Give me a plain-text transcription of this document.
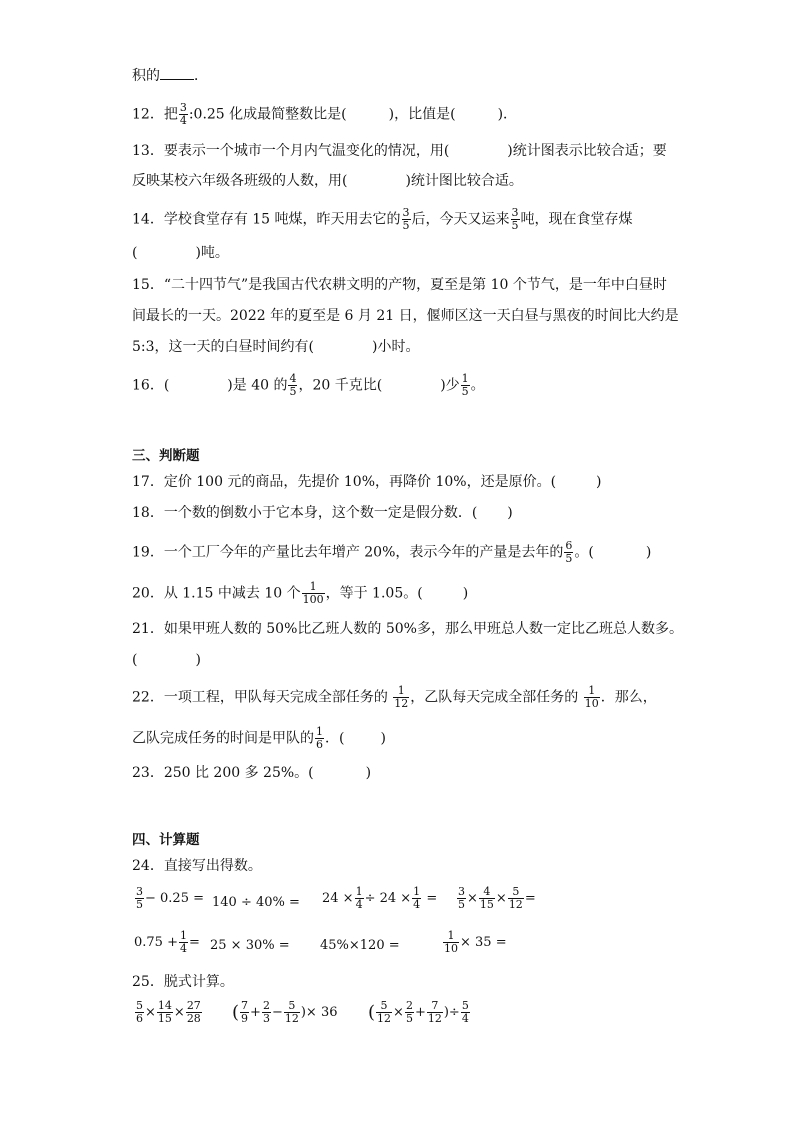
积的 ．
12．把 $\frac{3}{4}$ :0.25 化成最简整数比是(	)，比值是(	)．
13．要表示一个城市一个月内气温变化的情况，用(	)统计图表示比较合适；要
反映某校六年级各班级的人数，用(	)统计图比较合适。
14．学校食堂存有 15 吨煤，昨天用去它的 $\frac{3}{5}$ 后，今天又运来 $\frac{3}{5}$ 吨，现在食堂存煤
(	)吨。
15．“二十四节气”是我国古代农耕文明的产物，夏至是第 10 个节气，是一年中白昼时
间最长的一天。2022 年的夏至是 6 月 21 日，偃师区这一天白昼与黑夜的时间比大约是
5:3，这一天的白昼时间约有(	)小时。
16．(	)是 40 的 $\frac{4}{5}$ ，20 千克比(	)少 $\frac{1}{5}$ 。
三、判断题
17．定价 100 元的商品，先提价 10%，再降价 10%，还是原价。(	)
18．一个数的倒数小于它本身，这个数一定是假分数．( )
19．一个工厂今年的产量比去年增产 20%，表示今年的产量是去年的 $\frac{6}{5}$ 。(	)
20．从 1.15 中减去 10 个 $\frac{1}{100}$ ，等于 1.05。(	)
21．如果甲班人数的 50%比乙班人数的 50%多，那么甲班总人数一定比乙班总人数多。
(	)
22．一项工程，甲队每天完成全部任务的 $\frac{1}{12}$ ，乙队每天完成全部任务的 $\frac{1}{10}$ ．那么，
乙队完成任务的时间是甲队的 $\frac{1}{6}$ ．(	)
23．250 比 200 多 25%。(	)
四、计算题
24．直接写出得数。
$\frac{3}{5} - 0.25 = 140 \div 40\% = 24 \times \frac{1}{4} \div 24 \times \frac{1}{4} = \frac{3}{5} \times \frac{4}{15} \times \frac{5}{12}$ =
$0.75 + \frac{1}{4} = 25 \times 30\% = 45\%\times 120$ =	$\frac{1}{10} \times 35$ =
25．脱式计算。
$\frac{5}{6} \times \frac{14}{15} \times \frac{27}{28}$ ( $\frac{7}{9} + \frac{2}{3} - \frac{5}{12}$ )× 36 ( $\frac{5}{12} \times \frac{2}{5} + \frac{7}{12}$ )÷ $\frac{5}{4}$
